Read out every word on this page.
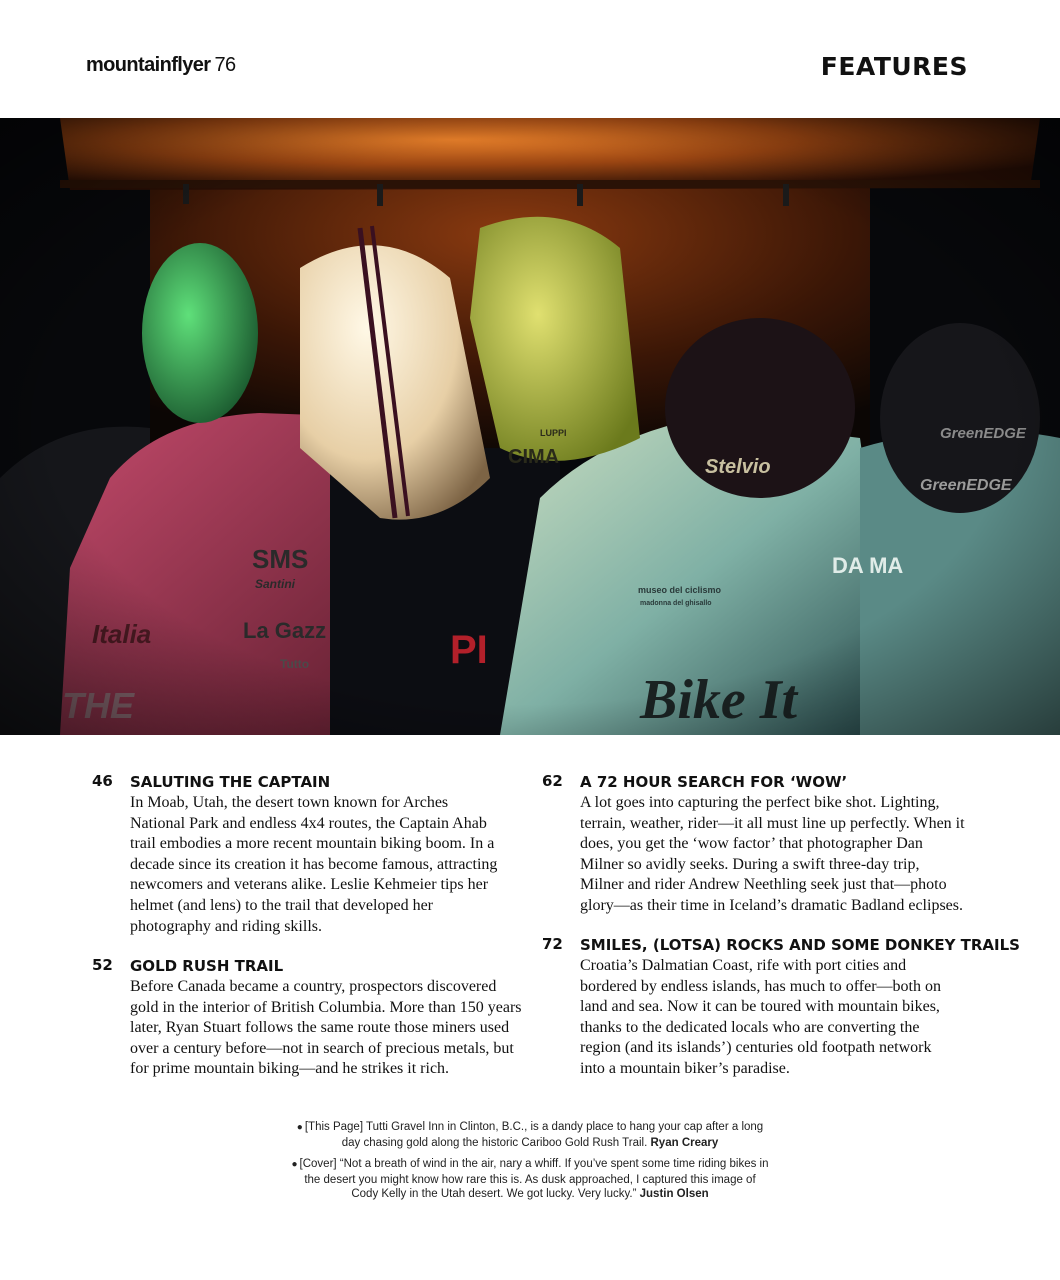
mountainflyer 76	FEATURES
46 SALUTING THE CAPTAIN

In Moab, Utah, the desert town known for Arches National Park and endless 4x4 routes, the Captain Ahab trail embodies a more recent mountain biking boom. In a decade since its creation it has become famous, attracting newcomers and veterans alike. Leslie Kehmeier tips her helmet (and lens) to the trail that developed her photography and riding skills.

52 GOLD RUSH TRAIL

Before Canada became a country, prospectors discovered gold in the interior of British Columbia. More than 150 years later, Ryan Stuart follows the same route those miners used over a century before—not in search of precious metals, but for prime mountain biking—and he strikes it rich.

62 A 72 HOUR SEARCH FOR ‘WOW’

A lot goes into capturing the perfect bike shot. Lighting, terrain, weather, rider—it all must line up perfectly. When it does, you get the ‘wow factor’ that photographer Dan Milner so avidly seeks. During a swift three-day trip, Milner and rider Andrew Neethling seek just that—photo glory—as their time in Iceland’s dramatic Badland eclipses.

72 SMILES, (LOTSA) ROCKS AND SOME DONKEY TRAILS

Croatia’s Dalmatian Coast, rife with port cities and bordered by endless islands, has much to offer—both on land and sea. Now it can be toured with mountain bikes, thanks to the dedicated locals who are converting the region (and its islands’) centuries old footpath network into a mountain biker’s paradise.

● [This Page] Tutti Gravel Inn in Clinton, B.C., is a dandy place to hang your cap after a long day chasing gold along the historic Cariboo Gold Rush Trail. Ryan Creary

● [Cover] “Not a breath of wind in the air, nary a whiff. If you’ve spent some time riding bikes in the desert you might know how rare this is. As dusk approached, I captured this image of Cody Kelly in the Utah desert. We got lucky. Very lucky.” Justin Olsen
